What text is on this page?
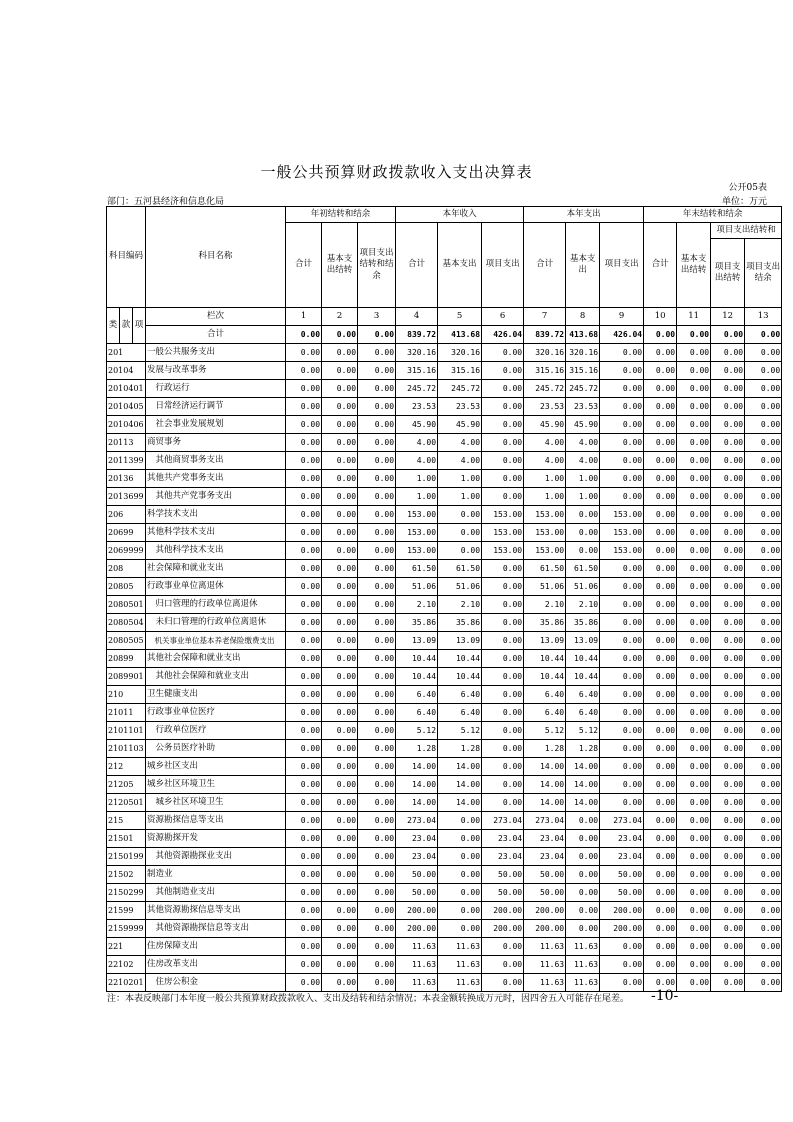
一般公共预算财政拨款收入支出决算表
公开05表
部门：五河县经济和信息化局	单位：万元
科目编码			科目名称	年初结转和结余			本年收入			本年支出			年末结转和结余			
				合计	基本支出结转	项目支出结转和结余	合计	基本支出	项目支出	合计	基本支出	项目支出	合计	基本支出结转	项目支出结转和	
															项目支出结转	项目支出结余
类	款	项	栏次	1	2	3	4	5	6	7	8	9	10	11	12	13
			合计	0.00	0.00	0.00	839.72	413.68	426.04	839.72	413.68	426.04	0.00	0.00	0.00	0.00
201			一般公共服务支出	0.00	0.00	0.00	320.16	320.16	0.00	320.16	320.16	0.00	0.00	0.00	0.00	0.00
20104			发展与改革事务	0.00	0.00	0.00	315.16	315.16	0.00	315.16	315.16	0.00	0.00	0.00	0.00	0.00
2010401			　行政运行	0.00	0.00	0.00	245.72	245.72	0.00	245.72	245.72	0.00	0.00	0.00	0.00	0.00
2010405			　日常经济运行调节	0.00	0.00	0.00	23.53	23.53	0.00	23.53	23.53	0.00	0.00	0.00	0.00	0.00
2010406			　社会事业发展规划	0.00	0.00	0.00	45.90	45.90	0.00	45.90	45.90	0.00	0.00	0.00	0.00	0.00
20113			商贸事务	0.00	0.00	0.00	4.00	4.00	0.00	4.00	4.00	0.00	0.00	0.00	0.00	0.00
2011399			　其他商贸事务支出	0.00	0.00	0.00	4.00	4.00	0.00	4.00	4.00	0.00	0.00	0.00	0.00	0.00
20136			其他共产党事务支出	0.00	0.00	0.00	1.00	1.00	0.00	1.00	1.00	0.00	0.00	0.00	0.00	0.00
2013699			　其他共产党事务支出	0.00	0.00	0.00	1.00	1.00	0.00	1.00	1.00	0.00	0.00	0.00	0.00	0.00
206			科学技术支出	0.00	0.00	0.00	153.00	0.00	153.00	153.00	0.00	153.00	0.00	0.00	0.00	0.00
20699			其他科学技术支出	0.00	0.00	0.00	153.00	0.00	153.00	153.00	0.00	153.00	0.00	0.00	0.00	0.00
2069999			　其他科学技术支出	0.00	0.00	0.00	153.00	0.00	153.00	153.00	0.00	153.00	0.00	0.00	0.00	0.00
208			社会保障和就业支出	0.00	0.00	0.00	61.50	61.50	0.00	61.50	61.50	0.00	0.00	0.00	0.00	0.00
20805			行政事业单位离退休	0.00	0.00	0.00	51.06	51.06	0.00	51.06	51.06	0.00	0.00	0.00	0.00	0.00
2080501			　归口管理的行政单位离退休	0.00	0.00	0.00	2.10	2.10	0.00	2.10	2.10	0.00	0.00	0.00	0.00	0.00
2080504			　未归口管理的行政单位离退休	0.00	0.00	0.00	35.86	35.86	0.00	35.86	35.86	0.00	0.00	0.00	0.00	0.00
2080505			　机关事业单位基本养老保险缴费支出	0.00	0.00	0.00	13.09	13.09	0.00	13.09	13.09	0.00	0.00	0.00	0.00	0.00
20899			其他社会保障和就业支出	0.00	0.00	0.00	10.44	10.44	0.00	10.44	10.44	0.00	0.00	0.00	0.00	0.00
2089901			　其他社会保障和就业支出	0.00	0.00	0.00	10.44	10.44	0.00	10.44	10.44	0.00	0.00	0.00	0.00	0.00
210			卫生健康支出	0.00	0.00	0.00	6.40	6.40	0.00	6.40	6.40	0.00	0.00	0.00	0.00	0.00
21011			行政事业单位医疗	0.00	0.00	0.00	6.40	6.40	0.00	6.40	6.40	0.00	0.00	0.00	0.00	0.00
2101101			　行政单位医疗	0.00	0.00	0.00	5.12	5.12	0.00	5.12	5.12	0.00	0.00	0.00	0.00	0.00
2101103			　公务员医疗补助	0.00	0.00	0.00	1.28	1.28	0.00	1.28	1.28	0.00	0.00	0.00	0.00	0.00
212			城乡社区支出	0.00	0.00	0.00	14.00	14.00	0.00	14.00	14.00	0.00	0.00	0.00	0.00	0.00
21205			城乡社区环境卫生	0.00	0.00	0.00	14.00	14.00	0.00	14.00	14.00	0.00	0.00	0.00	0.00	0.00
2120501			　城乡社区环境卫生	0.00	0.00	0.00	14.00	14.00	0.00	14.00	14.00	0.00	0.00	0.00	0.00	0.00
215			资源勘探信息等支出	0.00	0.00	0.00	273.04	0.00	273.04	273.04	0.00	273.04	0.00	0.00	0.00	0.00
21501			资源勘探开发	0.00	0.00	0.00	23.04	0.00	23.04	23.04	0.00	23.04	0.00	0.00	0.00	0.00
2150199			　其他资源勘探业支出	0.00	0.00	0.00	23.04	0.00	23.04	23.04	0.00	23.04	0.00	0.00	0.00	0.00
21502			制造业	0.00	0.00	0.00	50.00	0.00	50.00	50.00	0.00	50.00	0.00	0.00	0.00	0.00
2150299			　其他制造业支出	0.00	0.00	0.00	50.00	0.00	50.00	50.00	0.00	50.00	0.00	0.00	0.00	0.00
21599			其他资源勘探信息等支出	0.00	0.00	0.00	200.00	0.00	200.00	200.00	0.00	200.00	0.00	0.00	0.00	0.00
2159999			　其他资源勘探信息等支出	0.00	0.00	0.00	200.00	0.00	200.00	200.00	0.00	200.00	0.00	0.00	0.00	0.00
221			住房保障支出	0.00	0.00	0.00	11.63	11.63	0.00	11.63	11.63	0.00	0.00	0.00	0.00	0.00
22102			住房改革支出	0.00	0.00	0.00	11.63	11.63	0.00	11.63	11.63	0.00	0.00	0.00	0.00	0.00
2210201			　住房公积金	0.00	0.00	0.00	11.63	11.63	0.00	11.63	11.63	0.00	0.00	0.00	0.00	0.00
注：本表反映部门本年度一般公共预算财政拨款收入、支出及结转和结余情况；本表金额转换成万元时，因四舍五入可能存在尾差。 -10-
